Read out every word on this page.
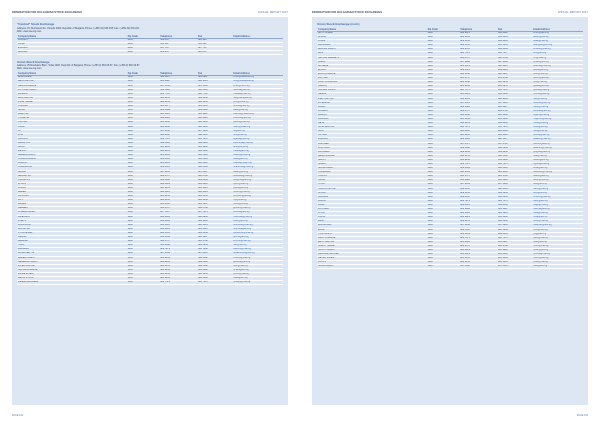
FEDERATION FOR BULGARIAN STOCK EXCHANGES	ANNUAL REPORT 2007
"Central" Stock Exchange
Address: 15, Bucharest Str., Plovdiv 4000, Republic of Bulgaria; Phone: (+359 32) 626 455; Fax: (+359 32) 633 221
Web: www.cse-bg.com
Company Name	Zip Code	Telephone	Fax	Email Address
KOLORIT	4003	626 455	625 226	
OLIMP	4000	631 422	631 422	
EVROPA	4000	627 710	627 710	
BALKAN	4002	623 815	623 815	
Union Stock Exchange
Address: 25 Dondukov Blvd., Sofia 1000, Republic of Bulgaria; Phone: (+359 2) 981 09 87; Fax: (+359 2) 981 09 87
Web: www.use-bg.com
Company Name	Zip Code	Telephone	Fax	Email Address
ALFA INVEST	1000	981 0987	981 0987	office@alfainvest.bg
BETA CAPITAL	1000	980 1122	980 1123	info@betacapital.bg
ORION FINANCE	1000	987 5544	987 5545	office@orion.bg
VITOSHA INVEST	1000	986 3300	986 3301	vitosha@abv.bg
MUSALA	1000	988 7711	988 7712	musala@mail.bg
RILA CAPITAL	1000	989 2233	989 2234	rila@rilacapital.bg
PIRIN TRADE	1000	980 4455	980 4456	pirin@trade.bg
STRUMA	1000	981 6677	981 6678	struma@abv.bg
ISKAR	1000	982 8899	982 8890	iskar@mail.bg
MARITSA	1000	983 1010	983 1011	maritsa@maritsa.bg
TUNDZHA	1000	984 2020	984 2021	tundzha@abv.bg
YANTRA	1000	985 3030	985 3031	yantra@mail.bg
OSAM	1000	986 4040	986 4041	osam@osam.bg
VIT	1000	987 5050	987 5051	vit@abv.bg
LOM	1000	988 6060	988 6061	lom@mail.bg
OGOSTA	1000	989 7070	989 7071	ogosta@abv.bg
KAMCHIYA	1000	980 8080	980 8081	kamchiya@mail.bg
ARDA	1000	981 9090	981 9091	arda@arda.bg
MESTA	1000	982 0101	982 0102	mesta@abv.bg
SREDNA GORA	1000	983 0202	983 0203	sredna@mail.bg
STARA PLANINA	1000	984 0303	984 0304	stara@abv.bg
RODOPI	1000	985 0404	985 0405	rodopi@rodopi.bg
STRANDZHA	1000	986 0505	986 0506	strandzha@mail.bg
SAKAR	1000	987 0606	987 0607	sakar@abv.bg
BELASITSA	1000	988 0707	988 0708	belasitsa@mail.bg
OSOGOVO	1000	989 0808	989 0809	osogovo@abv.bg
LYULIN	1000	980 0909	980 0910	lyulin@mail.bg
PLANA	1000	981 1212	981 1213	plana@abv.bg
ZEMEN	1000	982 2323	982 2324	zemen@mail.bg
KONYAVO	1000	983 3434	983 3435	konyavo@abv.bg
RUY	1000	984 4545	984 4546	ruy@mail.bg
VERILA	1000	985 5656	985 5657	verila@abv.bg
GREBEN	1000	986 6767	986 6768	greben@mail.bg
CHERNA GORA	1000	987 7878	987 7879	cherna@abv.bg
MILEVSKA	1000	988 8989	988 8990	milevska@mail.bg
LISETS	1000	989 9090	989 9091	lisets@abv.bg
BOBOVDOL	1000	980 1313	980 1314	bobovdol@mail.bg
DUPNITSA	1000	981 2424	981 2425	dupnitsa@abv.bg
KYUSTENDIL	1000	982 3535	982 3536	kyustendil@mail.bg
PERNIK	1000	983 4646	983 4647	pernik@abv.bg
BREZNIK	1000	984 5757	984 5758	breznik@mail.bg
TRAN	1000	985 6868	985 6869	tran@abv.bg
RADOMIR	1000	986 7979	986 7980	radomir@mail.bg
KOVACHEVTSI	1000	987 8080	987 8081	kovachevtsi@abv.bg
ZEMEN INVEST	1000	988 9191	988 9192	zinvest@mail.bg
GENERAL INVEST	1000	989 0202	989 0203	general@abv.bg
INTER CAPITAL	1000	980 3131	980 3132	inter@mail.bg
UNITED FINANCE	1000	981 4242	981 4243	united@abv.bg
PRIME INVEST	1000	982 5353	982 5354	prime@mail.bg
DELTA STOCK	1000	983 6464	983 6465	delta@abv.bg
OMEGA BROKERS	1000	984 7575	984 7576	omega@mail.bg
PAGE 162
FEDERATION FOR BULGARIAN STOCK EXCHANGES	ANNUAL REPORT 2007
Union Stock Exchange (cont.)
Company Name	Zip Code	Telephone	Fax	Email Address
AKTIV INVEST	1000	980 2121	980 2122	office@aktiv.bg
ALIANS	1000	981 3232	981 3233	alians@abv.bg
ATLAS	1000	982 4343	982 4344	atlas@mail.bg
AVANGARD	1000	983 5454	983 5455	avangard@abv.bg
BALKAN INVEST	1000	984 6565	984 6566	binvest@mail.bg
BRIZ	1000	985 7676	985 7677	briz@abv.bg
CAPITAL MARKETS	1000	986 8787	986 8788	cm@mail.bg
DIMAS	1000	987 9898	987 9899	dimas@abv.bg
DOVERIE	1000	988 1414	988 1415	doverie@mail.bg
ELANA	1000	989 2525	989 2526	elana@abv.bg
EURO FINANCE	1000	980 3636	980 3637	euro@mail.bg
FACTORI	1000	981 4747	981 4748	factori@abv.bg
FIRST FINANCIAL	1000	982 5858	982 5859	first@mail.bg
GALATA	1000	983 6969	983 6970	galata@abv.bg
GLOBAL INVEST	1000	984 7171	984 7172	global@mail.bg
HEMUS	1000	985 8282	985 8283	hemus@abv.bg
ILIEV CAPITAL	1000	986 9393	986 9394	iliev@mail.bg
INTERLINK	1000	987 1515	987 1516	interlink@abv.bg
KARAT	1000	988 2626	988 2627	karat@mail.bg
KOMPAS	1000	989 3737	989 3738	kompas@abv.bg
LEGION	1000	980 4848	980 4849	legion@mail.bg
MAGNUM	1000	981 5959	981 5960	magnum@abv.bg
META	1000	982 6161	982 6162	meta@mail.bg
NOVA CAPITAL	1000	983 7272	983 7273	nova@abv.bg
NIKA	1000	984 8383	984 8384	nika@mail.bg
OPTIMA	1000	985 9494	985 9495	optima@abv.bg
PALADIN	1000	986 1616	986 1617	paladin@mail.bg
PARTNER	1000	987 2727	987 2728	partner@abv.bg
PLATINUM	1000	988 3838	988 3839	platinum@mail.bg
PROGRES	1000	989 4949	989 4950	progres@abv.bg
REAL FINANCE	1000	980 5151	980 5152	real@mail.bg
SAVOV	1000	981 6262	981 6263	savov@abv.bg
SIGMA	1000	982 7373	982 7374	sigma@mail.bg
SOFIA INVEST	1000	983 8484	983 8485	sofia@abv.bg
STANDARD	1000	984 9595	984 9596	standard@mail.bg
STATUS	1000	985 1717	985 1718	status@abv.bg
TEXIM	1000	986 2828	986 2829	texim@mail.bg
TITAN	1000	987 3939	987 3940	titan@abv.bg
TRANS CAPITAL	1000	988 4141	988 4142	trans@mail.bg
ULTRA	1000	989 5252	989 5253	ultra@abv.bg
UNIVERS	1000	980 6363	980 6364	univers@mail.bg
VALOR	1000	981 7474	981 7475	valor@abv.bg
VEGA	1000	982 8585	982 8586	vega@mail.bg
VIKTORIA	1000	983 9696	983 9697	viktoria@abv.bg
VISTA	1000	984 1818	984 1819	vista@mail.bg
VOLTA	1000	985 2929	985 2930	volta@abv.bg
ZENIT	1000	986 3131	986 3132	zenit@mail.bg
ZLATEN LEV	1000	987 4242	987 4243	zlatenlev@abv.bg
ZORA	1000	988 5353	988 5354	zora@mail.bg
YUG INVEST	1000	989 6464	989 6465	yug@abv.bg
WEST FINANCE	1000	980 7575	980 7576	west@mail.bg
EAST CAPITAL	1000	981 8686	981 8687	east@abv.bg
NORTH TRADE	1000	982 9797	982 9798	north@mail.bg
SOUTH INVEST	1000	983 1919	983 1920	south@abv.bg
CENTRAL BROKER	1000	984 2021	984 2022	central@mail.bg
METRO INVEST	1000	985 3132	985 3133	metro@abv.bg
LOTOS	1000	986 4243	986 4244	lotos@mail.bg
SOLID INVEST	1000	987 5354	987 5355	solid@abv.bg
PAGE 163
